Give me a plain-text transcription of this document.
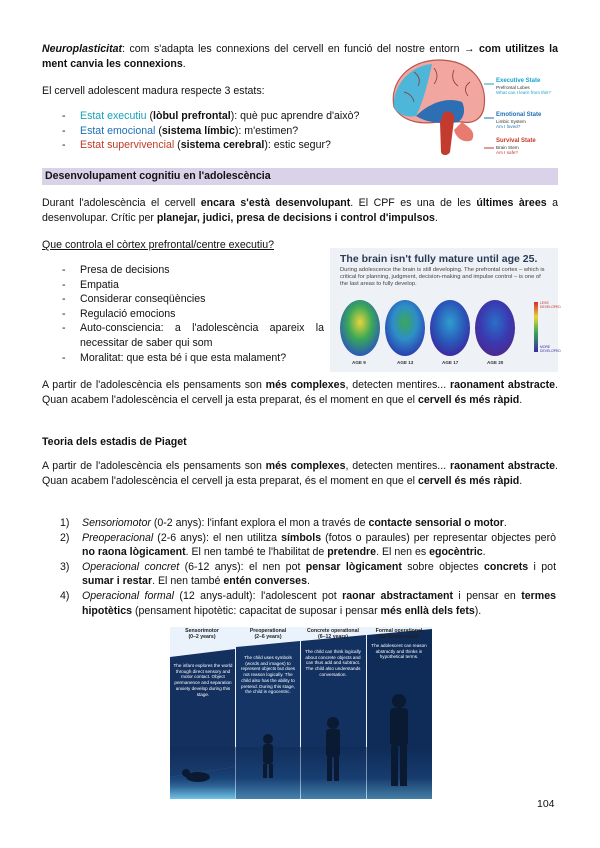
Neuroplasticitat: com s'adapta les connexions del cervell en funció del nostre entorn → com utilitzes la ment canvia les connexions.
El cervell adolescent madura respecte 3 estats:
- Estat executiu (lòbul prefrontal): què puc aprendre d'això?
- Estat emocional (sistema límbic): m'estimen?
- Estat supervivencial (sistema cerebral): estic segur?
Executive State
Prefrontal Lobes
What can I learn from this?
Emotional State
Limbic System
Am I loved?
Survival State
Brain Stem
Am I safe?
Desenvolupament cognitiu en l'adolescència
Durant l'adolescència el cervell encara s'està desenvolupant. El CPF es una de les últimes àrees a desenvolupar. Crític per planejar, judici, presa de decisions i control d'impulsos.
Que controla el còrtex prefrontal/centre executiu?
- Presa de decisions
- Empatia
- Considerar conseqüències
- Regulació emocions
- Auto-consciencia: a l'adolescència apareix la necessitar de saber qui som
- Moralitat: que esta bé i que esta malament?
The brain isn't fully mature until age 25.
During adolescence the brain is still developing. The prefrontal cortex – which is critical for planning, judgment, decision-making and impulse control – is one of the last areas to fully develop.
AGE 9	AGE 13	AGE 17	AGE 20
LESS DEVELOPED
MORE DEVELOPED
A partir de l'adolescència els pensaments son més complexes, detecten mentires... raonament abstracte. Quan acabem l'adolescència el cervell ja esta preparat, és el moment en que el cervell és més ràpid.
Teoria dels estadis de Piaget
A partir de l'adolescència els pensaments son més complexes, detecten mentires... raonament abstracte. Quan acabem l'adolescència el cervell ja esta preparat, és el moment en que el cervell és més ràpid.
1) Sensoriomotor (0-2 anys): l'infant explora el mon a través de contacte sensorial o motor.
2) Preoperacional (2-6 anys): el nen utilitza símbols (fotos o paraules) per representar objectes però no raona lògicament. El nen també te l'habilitat de pretendre. El nen es egocèntric.
3) Operacional concret (6-12 anys): el nen pot pensar lògicament sobre objectes concrets i pot sumar i restar. El nen també entén converses.
4) Operacional formal (12 anys-adult): l'adolescent pot raonar abstractament i pensar en termes hipotètics (pensament hipotètic: capacitat de suposar i pensar més enllà dels fets).
Sensorimotor
(0–2 years)
Preoperational
(2–6 years)
Concrete operational
(6–12 years)
Formal operational
(12 years–adult)
The infant explores the world through direct sensory and motor contact. Object permanence and separation anxiety develop during this stage.
The child uses symbols (words and images) to represent objects but does not reason logically. The child also has the ability to pretend. During this stage, the child is egocentric.
The child can think logically about concrete objects and can thus add and subtract. The child also understands conversation.
The adolescent can reason abstractly and thinks in hypothetical terms.
104
